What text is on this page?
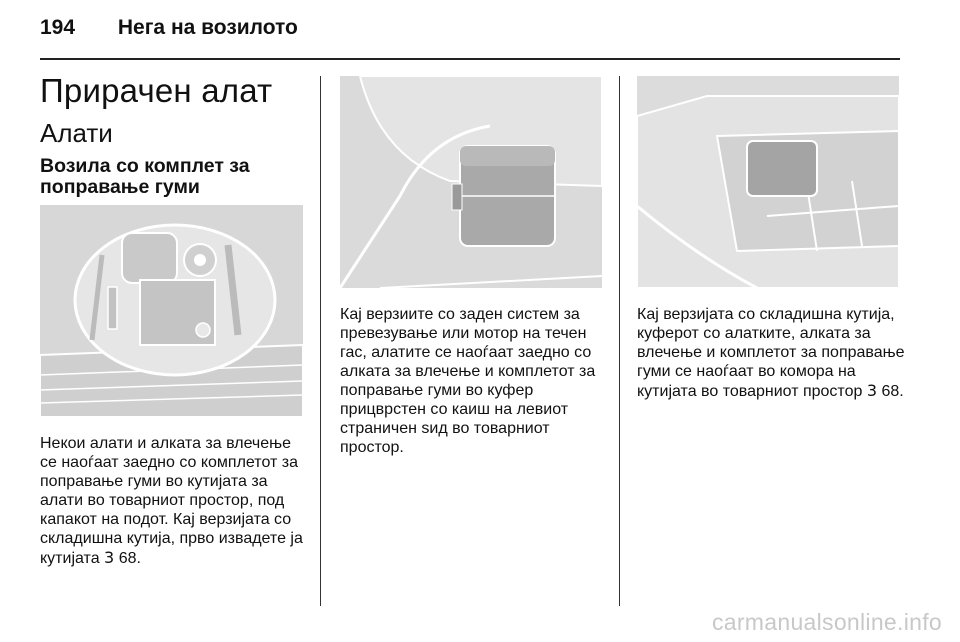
194 Нега на возилото
Прирачен алат
Алати
Возила со комплет за поправање гуми

Некои алати и алката за влечење се наоѓаат заедно со комплетот за поправање гуми во кутијата за алати во товарниот простор, под капакот на подот. Кај верзијата со складишна кутија, прво извадете ја кутијата 3 68.

Кај верзиите со заден систем за превезување или мотор на течен гас, алатите се наоѓаат заедно со алката за влечење и комплетот за поправање гуми во куфер прицврстен со каиш на левиот страничен sид во товарниот простор.

Кај верзијата со складишна кутија, куферот со алатките, алката за влечење и комплетот за поправање гуми се наоѓаат во комора на кутијата во товарниот простор 3 68.

carmanualsonline.info
